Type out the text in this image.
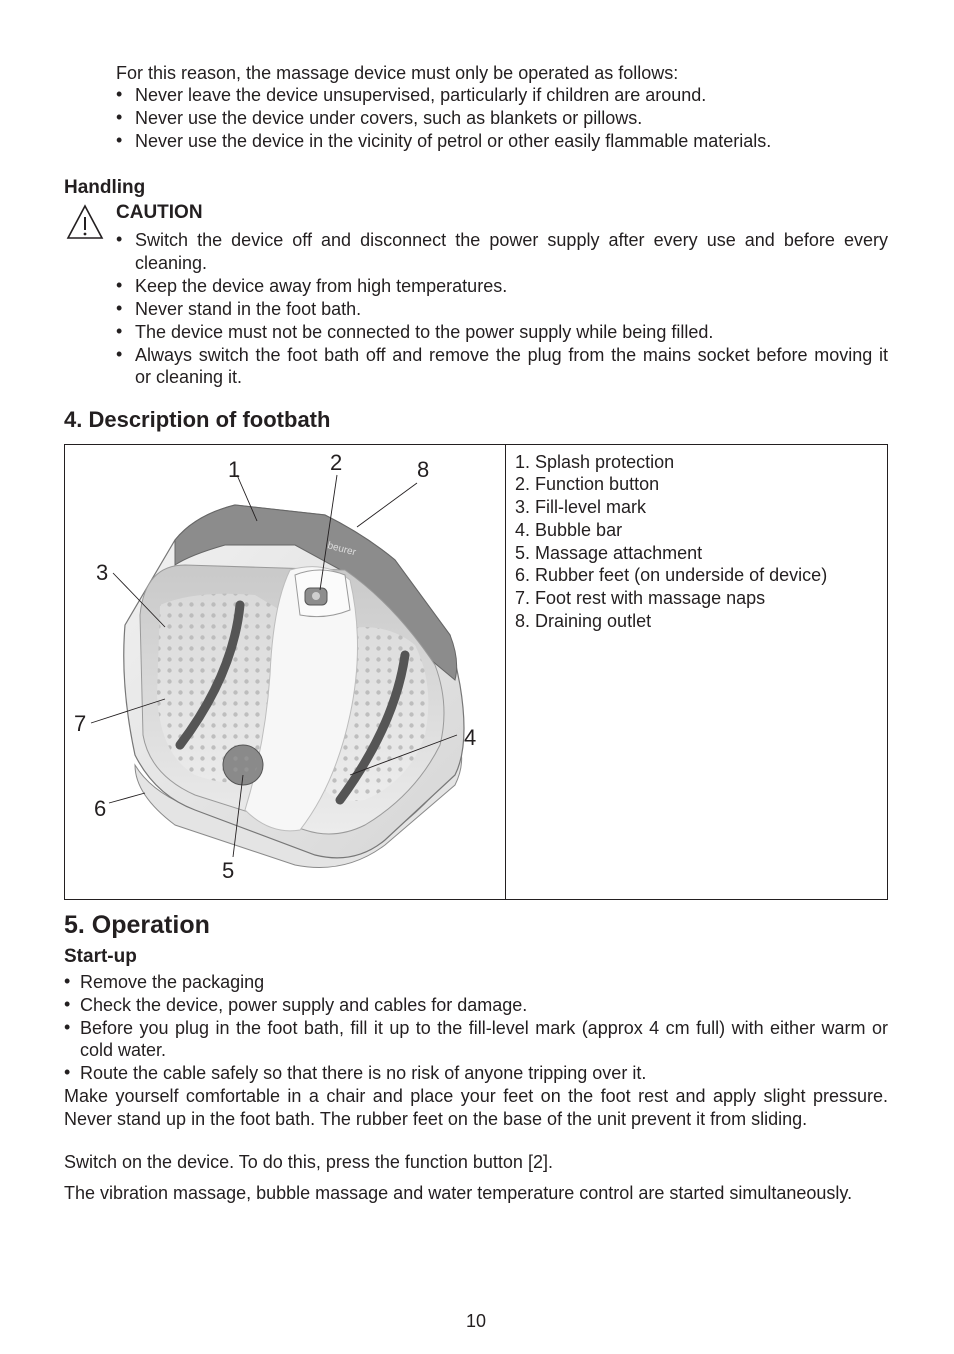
For this reason, the massage device must only be operated as follows:
• Never leave the device unsupervised, particularly if children are around.
• Never use the device under covers, such as blankets or pillows.
• Never use the device in the vicinity of petrol or other easily flammable materials.
Handling
CAUTION
• Switch the device off and disconnect the power supply after every use and before every
cleaning.
• Keep the device away from high temperatures.
• Never stand in the foot bath.
• The device must not be connected to the power supply while being filled.
• Always switch the foot bath off and remove the plug from the mains socket before moving it
or cleaning it.
4. Description of footbath
beurer
1	2	8
3
7
4
6
5
1. Splash protection
2. Function button
3. Fill-level mark
4. Bubble bar
5. Massage attachment
6. Rubber feet (on underside of device)
7. Foot rest with massage naps
8. Draining outlet
5. Operation
Start-up
• Remove the packaging
• Check the device, power supply and cables for damage.
• Before you plug in the foot bath, fill it up to the fill-level mark (approx 4 cm full) with either warm or
cold water.
• Route the cable safely so that there is no risk of anyone tripping over it.
Make yourself comfortable in a chair and place your feet on the foot rest and apply slight pressure.
Never stand up in the foot bath. The rubber feet on the base of the unit prevent it from sliding.
Switch on the device. To do this, press the function button [2].
The vibration massage, bubble massage and water temperature control are started simultaneously.
10
